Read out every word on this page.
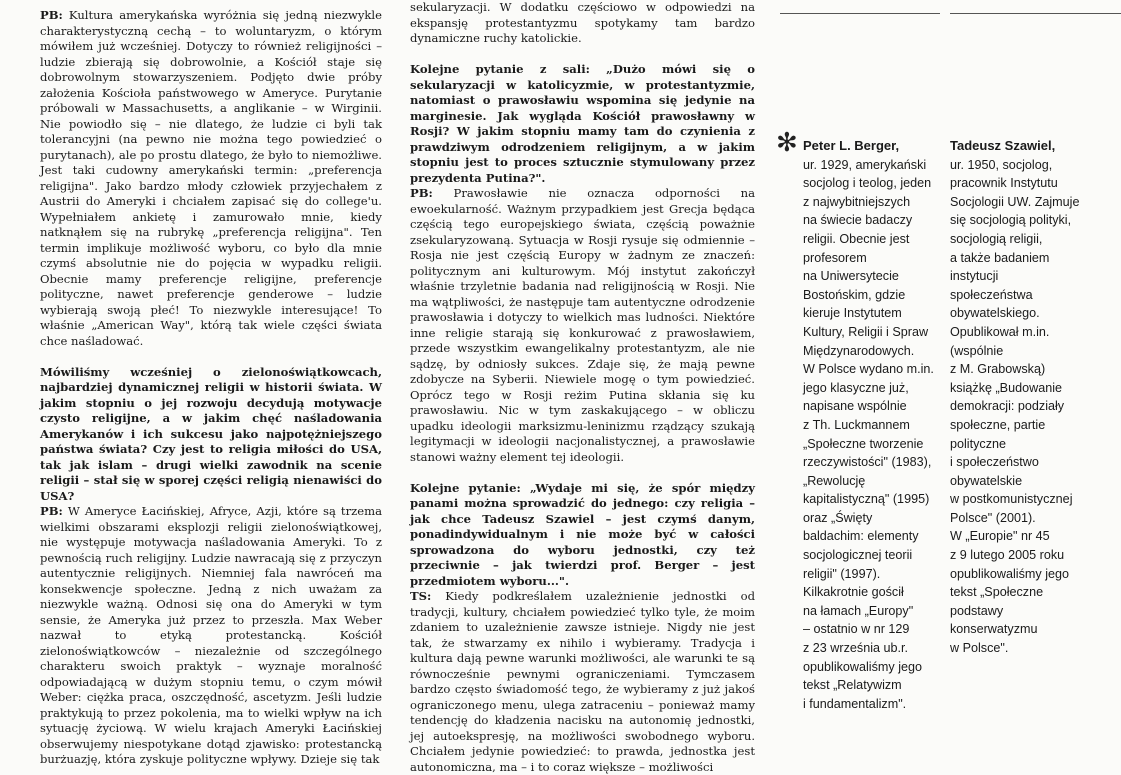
PB: Kultura amerykańska wyróżnia się jedną niezwykle charakterystyczną cechą – to woluntaryzm, o którym mówiłem już wcześniej. Dotyczy to również religijności – ludzie zbierają się dobrowolnie, a Kościół staje się dobrowolnym stowarzyszeniem. Podjęto dwie próby założenia Kościoła państwowego w Ameryce. Purytanie próbowali w Massachusetts, a anglikanie – w Wirginii. Nie powiodło się – nie dlatego, że ludzie ci byli tak tolerancyjni (na pewno nie można tego powiedzieć o purytanach), ale po prostu dlatego, że było to niemożliwe. Jest taki cudowny amerykański termin: „preferencja religijna". Jako bardzo młody człowiek przyjechałem z Austrii do Ameryki i chciałem zapisać się do college'u. Wypełniałem ankietę i zamurowało mnie, kiedy natknąłem się na rubrykę „preferencja religijna". Ten termin implikuje możliwość wyboru, co było dla mnie czymś absolutnie nie do pojęcia w wypadku religii. Obecnie mamy preferencje religijne, preferencje polityczne, nawet preferencje genderowe – ludzie wybierają swoją płeć! To niezwykle interesujące! To właśnie „American Way", którą tak wiele części świata chce naśladować.

Mówiliśmy wcześniej o zielonoświątkowcach, najbardziej dynamicznej religii w historii świata. W jakim stopniu o jej rozwoju decydują motywacje czysto religijne, a w jakim chęć naśladowania Amerykanów i ich sukcesu jako najpotężniejszego państwa świata? Czy jest to religia miłości do USA, tak jak islam – drugi wielki zawodnik na scenie religii – stał się w sporej części religią nienawiści do USA?

PB: W Ameryce Łacińskiej, Afryce, Azji, które są trzema wielkimi obszarami eksplozji religii zielonoświątkowej, nie występuje motywacja naśladowania Ameryki. To z pewnością ruch religijny. Ludzie nawracają się z przyczyn autentycznie religijnych. Niemniej fala nawróceń ma konsekwencje społeczne. Jedną z nich uważam za niezwykle ważną. Odnosi się ona do Ameryki w tym sensie, że Ameryka już przez to przeszła. Max Weber nazwał to etyką protestancką. Kościół zielonoświątkowców – niezależnie od szczególnego charakteru swoich praktyk – wyznaje moralność odpowiadającą w dużym stopniu temu, o czym mówił Weber: ciężka praca, oszczędność, ascetyzm. Jeśli ludzie praktykują to przez pokolenia, ma to wielki wpływ na ich sytuację życiową. W wielu krajach Ameryki Łacińskiej obserwujemy niespotykane dotąd zjawisko: protestancką burżuazję, która zyskuje polityczne wpływy. Dzieje się tak

sekularyzacji. W dodatku częściowo w odpowiedzi na ekspansję protestantyzmu spotykamy tam bardzo dynamiczne ruchy katolickie.

Kolejne pytanie z sali: „Dużo mówi się o sekularyzacji w katolicyzmie, w protestantyzmie, natomiast o prawosławiu wspomina się jedynie na marginesie. Jak wygląda Kościół prawosławny w Rosji? W jakim stopniu mamy tam do czynienia z prawdziwym odrodzeniem religijnym, a w jakim stopniu jest to proces sztucznie stymulowany przez prezydenta Putina?".

PB: Prawosławie nie oznacza odporności na ewoekularność. Ważnym przypadkiem jest Grecja będąca częścią tego europejskiego świata, częścią poważnie zsekularyzowaną. Sytuacja w Rosji rysuje się odmiennie – Rosja nie jest częścią Europy w żadnym ze znaczeń: politycznym ani kulturowym. Mój instytut zakończył właśnie trzyletnie badania nad religijnością w Rosji. Nie ma wątpliwości, że następuje tam autentyczne odrodzenie prawosławia i dotyczy to wielkich mas ludności. Niektóre inne religie starają się konkurować z prawosławiem, przede wszystkim ewangelikalny protestantyzm, ale nie sądzę, by odniosły sukces. Zdaje się, że mają pewne zdobycze na Syberii. Niewiele mogę o tym powiedzieć. Oprócz tego w Rosji reżim Putina skłania się ku prawosławiu. Nic w tym zaskakującego – w obliczu upadku ideologii marksizmu-leninizmu rządzący szukają legitymacji w ideologii nacjonalistycznej, a prawosławie stanowi ważny element tej ideologii.

Kolejne pytanie: „Wydaje mi się, że spór między panami można sprowadzić do jednego: czy religia – jak chce Tadeusz Szawiel – jest czymś danym, ponadindywidualnym i nie może być w całości sprowadzona do wyboru jednostki, czy też przeciwnie – jak twierdzi prof. Berger – jest przedmiotem wyboru...".

TS: Kiedy podkreślałem uzależnienie jednostki od tradycji, kultury, chciałem powiedzieć tylko tyle, że moim zdaniem to uzależnienie zawsze istnieje. Nigdy nie jest tak, że stwarzamy ex nihilo i wybieramy. Tradycja i kultura dają pewne warunki możliwości, ale warunki te są równocześnie pewnymi ograniczeniami. Tymczasem bardzo często świadomość tego, że wybieramy z już jakoś ograniczonego menu, ulega zatraceniu – ponieważ mamy tendencję do kładzenia nacisku na autonomię jednostki, jej autoekspresję, na możliwości swobodnego wyboru. Chciałem jedynie powiedzieć: to prawda, jednostka jest autonomiczna, ma – i to coraz większe – możliwości

✻ Peter L. Berger,
ur. 1929, amerykański
socjolog i teolog, jeden
z najwybitniejszych
na świecie badaczy
religii. Obecnie jest
profesorem
na Uniwersytecie
Bostońskim, gdzie
kieruje Instytutem
Kultury, Religii i Spraw
Międzynarodowych.
W Polsce wydano m.in.
jego klasyczne już,
napisane wspólnie
z Th. Luckmannem
„Społeczne tworzenie
rzeczywistości" (1983),
„Rewolucję
kapitalistyczną" (1995)
oraz „Święty
baldachim: elementy
socjologicznej teorii
religii" (1997).
Kilkakrotnie gościł
na łamach „Europy"
– ostatnio w nr 129
z 23 września ub.r.
opublikowaliśmy jego
tekst „Relatywizm
i fundamentalizm".
Tadeusz Szawiel,
ur. 1950, socjolog,
pracownik Instytutu
Socjologii UW. Zajmuje
się socjologią polityki,
socjologią religii,
a także badaniem
instytucji
społeczeństwa
obywatelskiego.
Opublikował m.in.
(wspólnie
z M. Grabowską)
książkę „Budowanie
demokracji: podziały
społeczne, partie
polityczne
i społeczeństwo
obywatelskie
w postkomunistycznej
Polsce" (2001).
W „Europie" nr 45
z 9 lutego 2005 roku
opublikowaliśmy jego
tekst „Społeczne
podstawy
konserwatyzmu
w Polsce".
